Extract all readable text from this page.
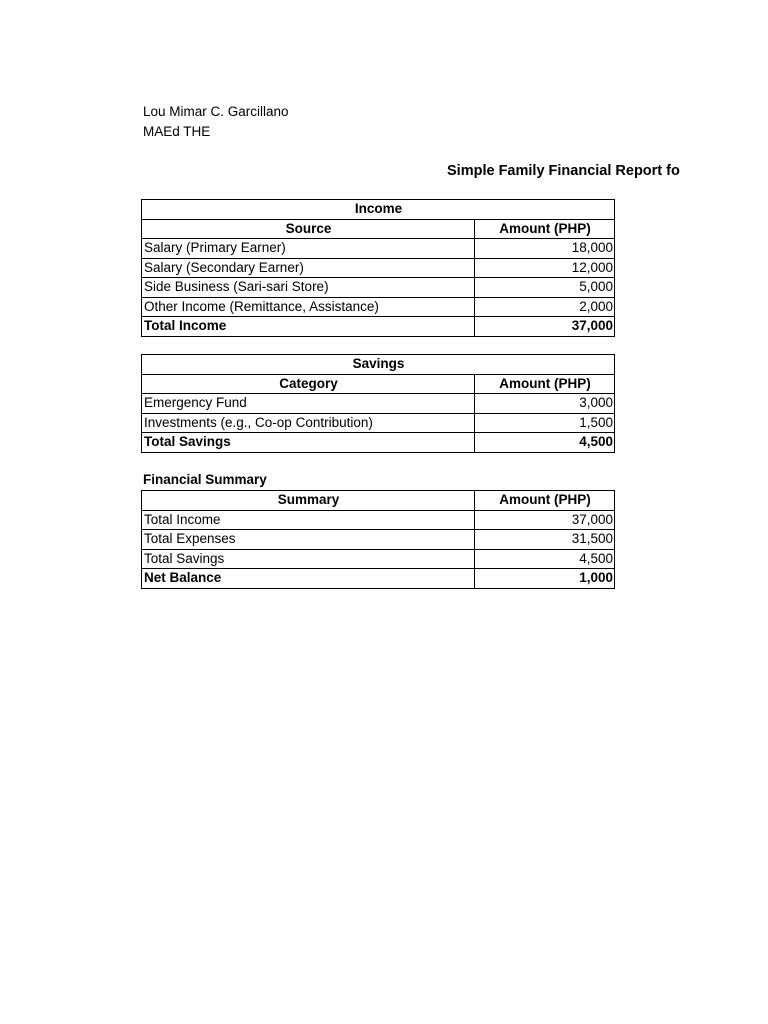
Lou Mimar C. Garcillano
MAEd THE
Simple Family Financial Report fo
Income	
Source	Amount (PHP)
Salary (Primary Earner)	18,000
Salary (Secondary Earner)	12,000
Side Business (Sari-sari Store)	5,000
Other Income (Remittance, Assistance)	2,000
Total Income	37,000
Savings	
Category	Amount (PHP)
Emergency Fund	3,000
Investments (e.g., Co-op Contribution)	1,500
Total Savings	4,500
Financial Summary
Summary	Amount (PHP)
Total Income	37,000
Total Expenses	31,500
Total Savings	4,500
Net Balance	1,000
